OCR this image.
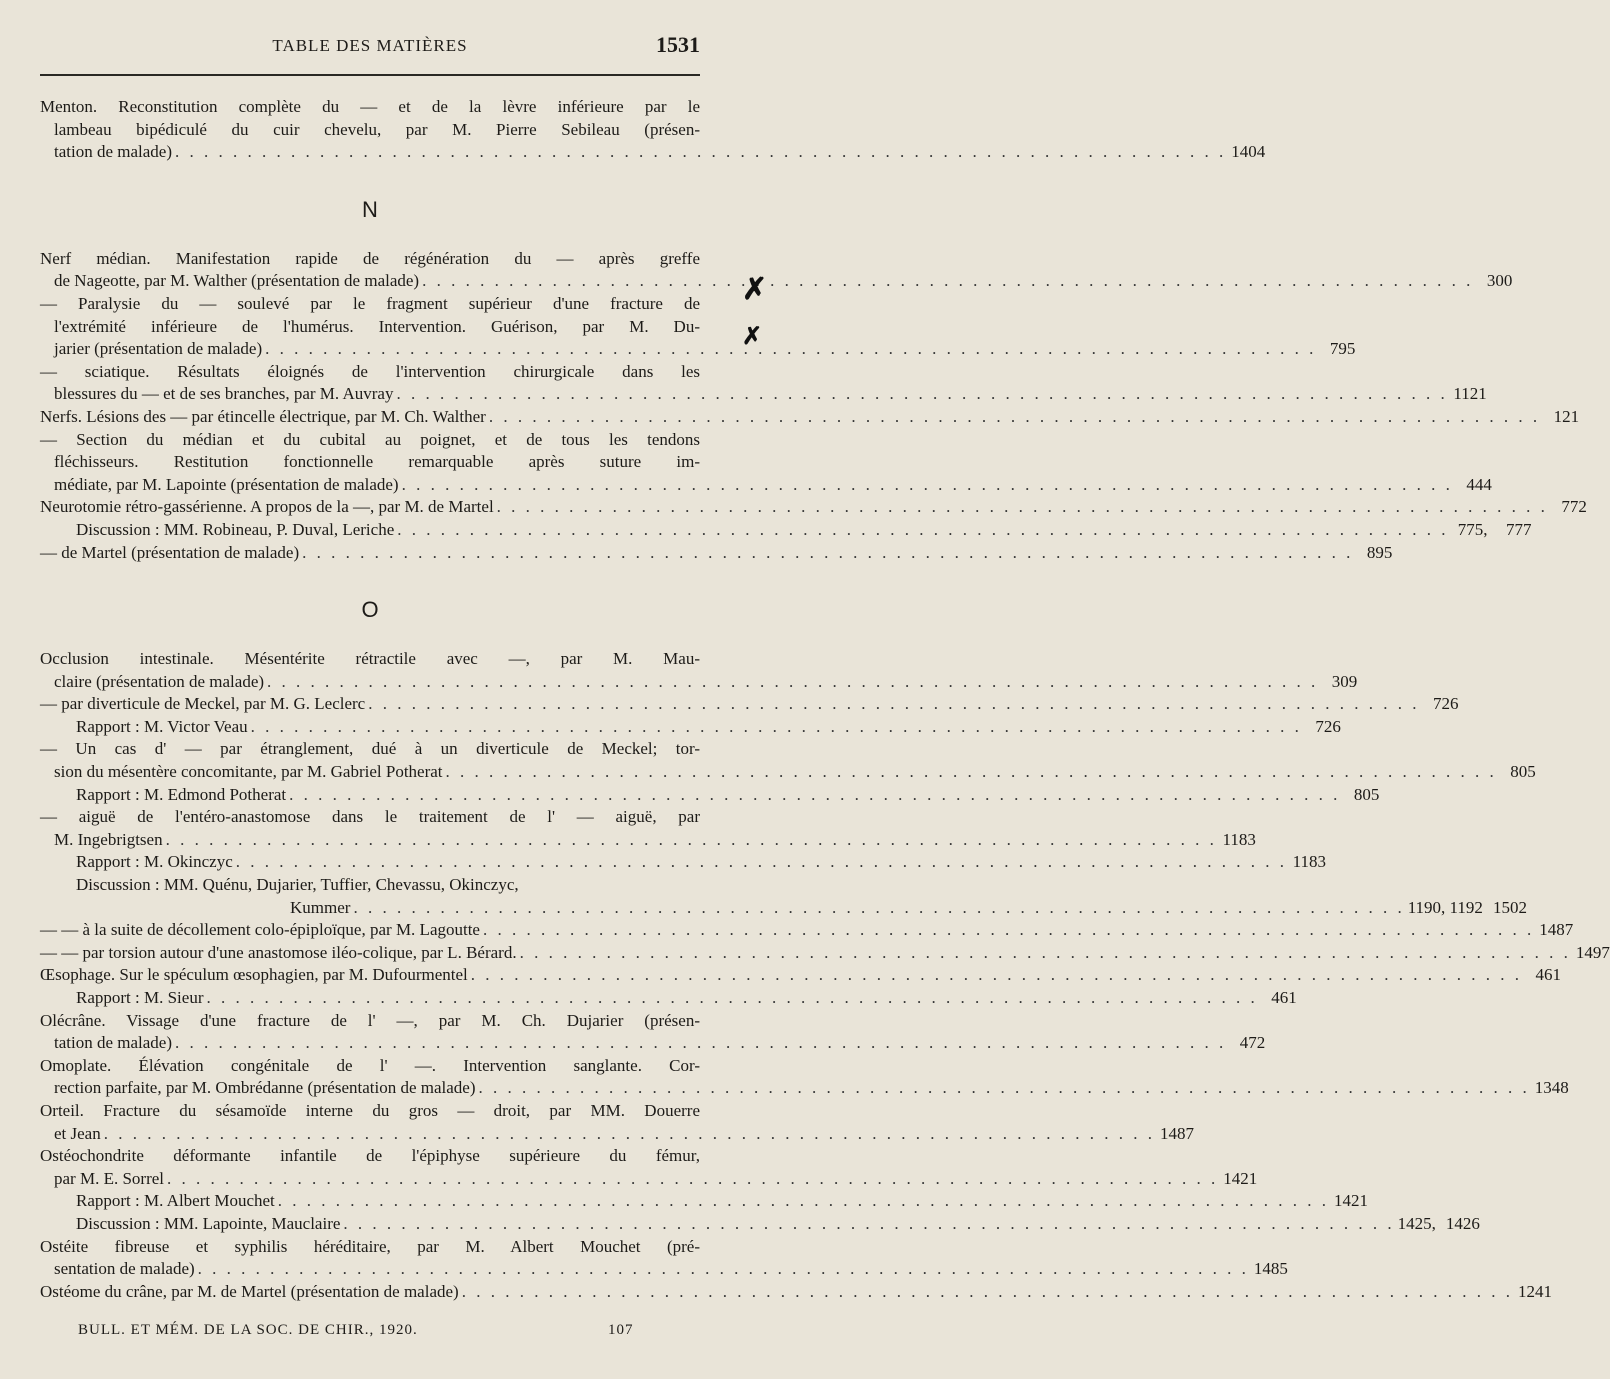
TABLE DES MATIÈRES	1531
Menton. Reconstitution complète du — et de la lèvre inférieure par le
lambeau bipédiculé du cuir chevelu, par M. Pierre Sebileau (présen-
tation de malade) . . .	1404
N
Nerf médian. Manifestation rapide de régénération du — après greffe
de Nageotte, par M. Walther (présentation de malade) . . .	300
— Paralysie du — soulevé par le fragment supérieur d'une fracture de
l'extrémité inférieure de l'humérus. Intervention. Guérison, par M. Du-
jarier (présentation de malade) . . .	795
— sciatique. Résultats éloignés de l'intervention chirurgicale dans les
blessures du — et de ses branches, par M. Auvray . . .	1121
Nerfs. Lésions des — par étincelle électrique, par M. Ch. Walther . . .	121
— Section du médian et du cubital au poignet, et de tous les tendons
fléchisseurs. Restitution fonctionnelle remarquable après suture im-
médiate, par M. Lapointe (présentation de malade) . . .	444
Neurotomie rétro-gassérienne. A propos de la —, par M. de Martel . . .	772
Discussion : MM. Robineau, P. Duval, Leriche . . .	775,	777
— de Martel (présentation de malade) . . .	895
O
Occlusion intestinale. Mésentérite rétractile avec —, par M. Mau-
claire (présentation de malade) . . .	309
— par diverticule de Meckel, par M. G. Leclerc . . .	726
Rapport : M. Victor Veau . . .	726
— Un cas d' — par étranglement, dué à un diverticule de Meckel; tor-
sion du mésentère concomitante, par M. Gabriel Potherat . . .	805
Rapport : M. Edmond Potherat . . .	805
— aiguë de l'entéro-anastomose dans le traitement de l' — aiguë, par
M. Ingebrigtsen . . .	1183
Rapport : M. Okinczyc . . .	1183
Discussion : MM. Quénu, Dujarier, Tuffier, Chevassu, Okinczyc,
Kummer . . .	1190, 1192 1502
— — à la suite de décollement colo-épiploïque, par M. Lagoutte . . .	1487
— — par torsion autour d'une anastomose iléo-colique, par L. Bérard. . . .	1497
Œsophage. Sur le spéculum œsophagien, par M. Dufourmentel . . .	461
Rapport : M. Sieur . . .	461
Olécrâne. Vissage d'une fracture de l' —, par M. Ch. Dujarier (présen-
tation de malade) . . .	472
Omoplate. Élévation congénitale de l' —. Intervention sanglante. Cor-
rection parfaite, par M. Ombrédanne (présentation de malade) . . .	1348
Orteil. Fracture du sésamoïde interne du gros — droit, par MM. Douerre
et Jean . . .	1487
Ostéochondrite déformante infantile de l'épiphyse supérieure du fémur,
par M. E. Sorrel . . .	1421
Rapport : M. Albert Mouchet . . .	1421
Discussion : MM. Lapointe, Mauclaire . . .	1425, 1426
Ostéite fibreuse et syphilis héréditaire, par M. Albert Mouchet (pré-
sentation de malade) . . .	1485
Ostéome du crâne, par M. de Martel (présentation de malade) . . .	1241
✗
✗
BULL. ET MÉM. DE LA SOC. DE CHIR., 1920.	107
